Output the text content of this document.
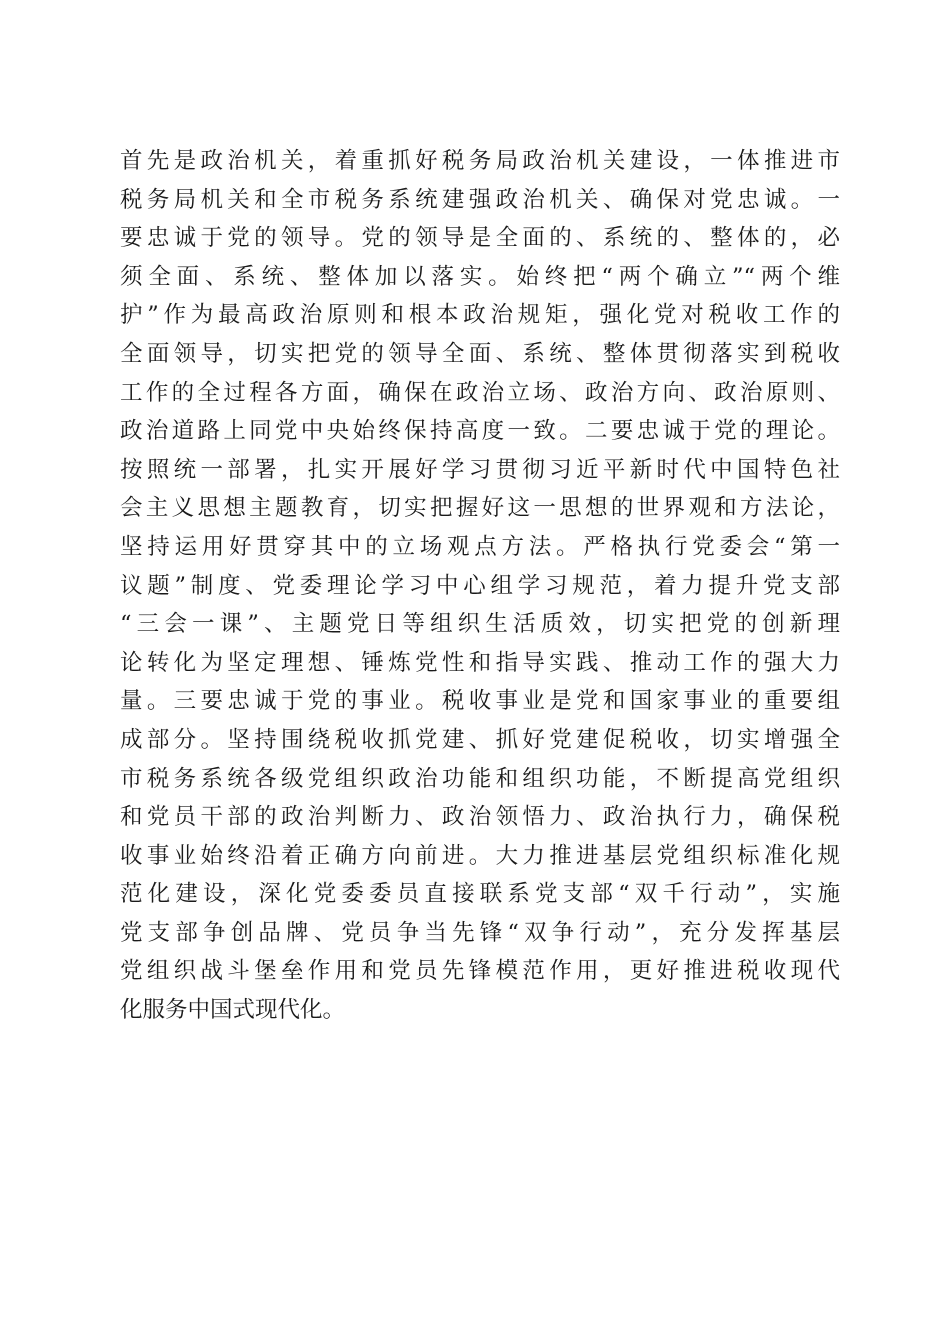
首先是政治机关，着重抓好税务局政治机关建设，一体推进市
税务局机关和全市税务系统建强政治机关、确保对党忠诚。一
要忠诚于党的领导。党的领导是全面的、系统的、整体的，必
须全面、系统、整体加以落实。始终把“两个确立”“两个维
护”作为最高政治原则和根本政治规矩，强化党对税收工作的
全面领导，切实把党的领导全面、系统、整体贯彻落实到税收
工作的全过程各方面，确保在政治立场、政治方向、政治原则、
政治道路上同党中央始终保持高度一致。二要忠诚于党的理论。
按照统一部署，扎实开展好学习贯彻习近平新时代中国特色社
会主义思想主题教育，切实把握好这一思想的世界观和方法论，
坚持运用好贯穿其中的立场观点方法。严格执行党委会“第一
议题”制度、党委理论学习中心组学习规范，着力提升党支部
“三会一课”、主题党日等组织生活质效，切实把党的创新理
论转化为坚定理想、锤炼党性和指导实践、推动工作的强大力
量。三要忠诚于党的事业。税收事业是党和国家事业的重要组
成部分。坚持围绕税收抓党建、抓好党建促税收，切实增强全
市税务系统各级党组织政治功能和组织功能，不断提高党组织
和党员干部的政治判断力、政治领悟力、政治执行力，确保税
收事业始终沿着正确方向前进。大力推进基层党组织标准化规
范化建设，深化党委委员直接联系党支部“双千行动”，实施
党支部争创品牌、党员争当先锋“双争行动”，充分发挥基层
党组织战斗堡垒作用和党员先锋模范作用，更好推进税收现代
化服务中国式现代化。
